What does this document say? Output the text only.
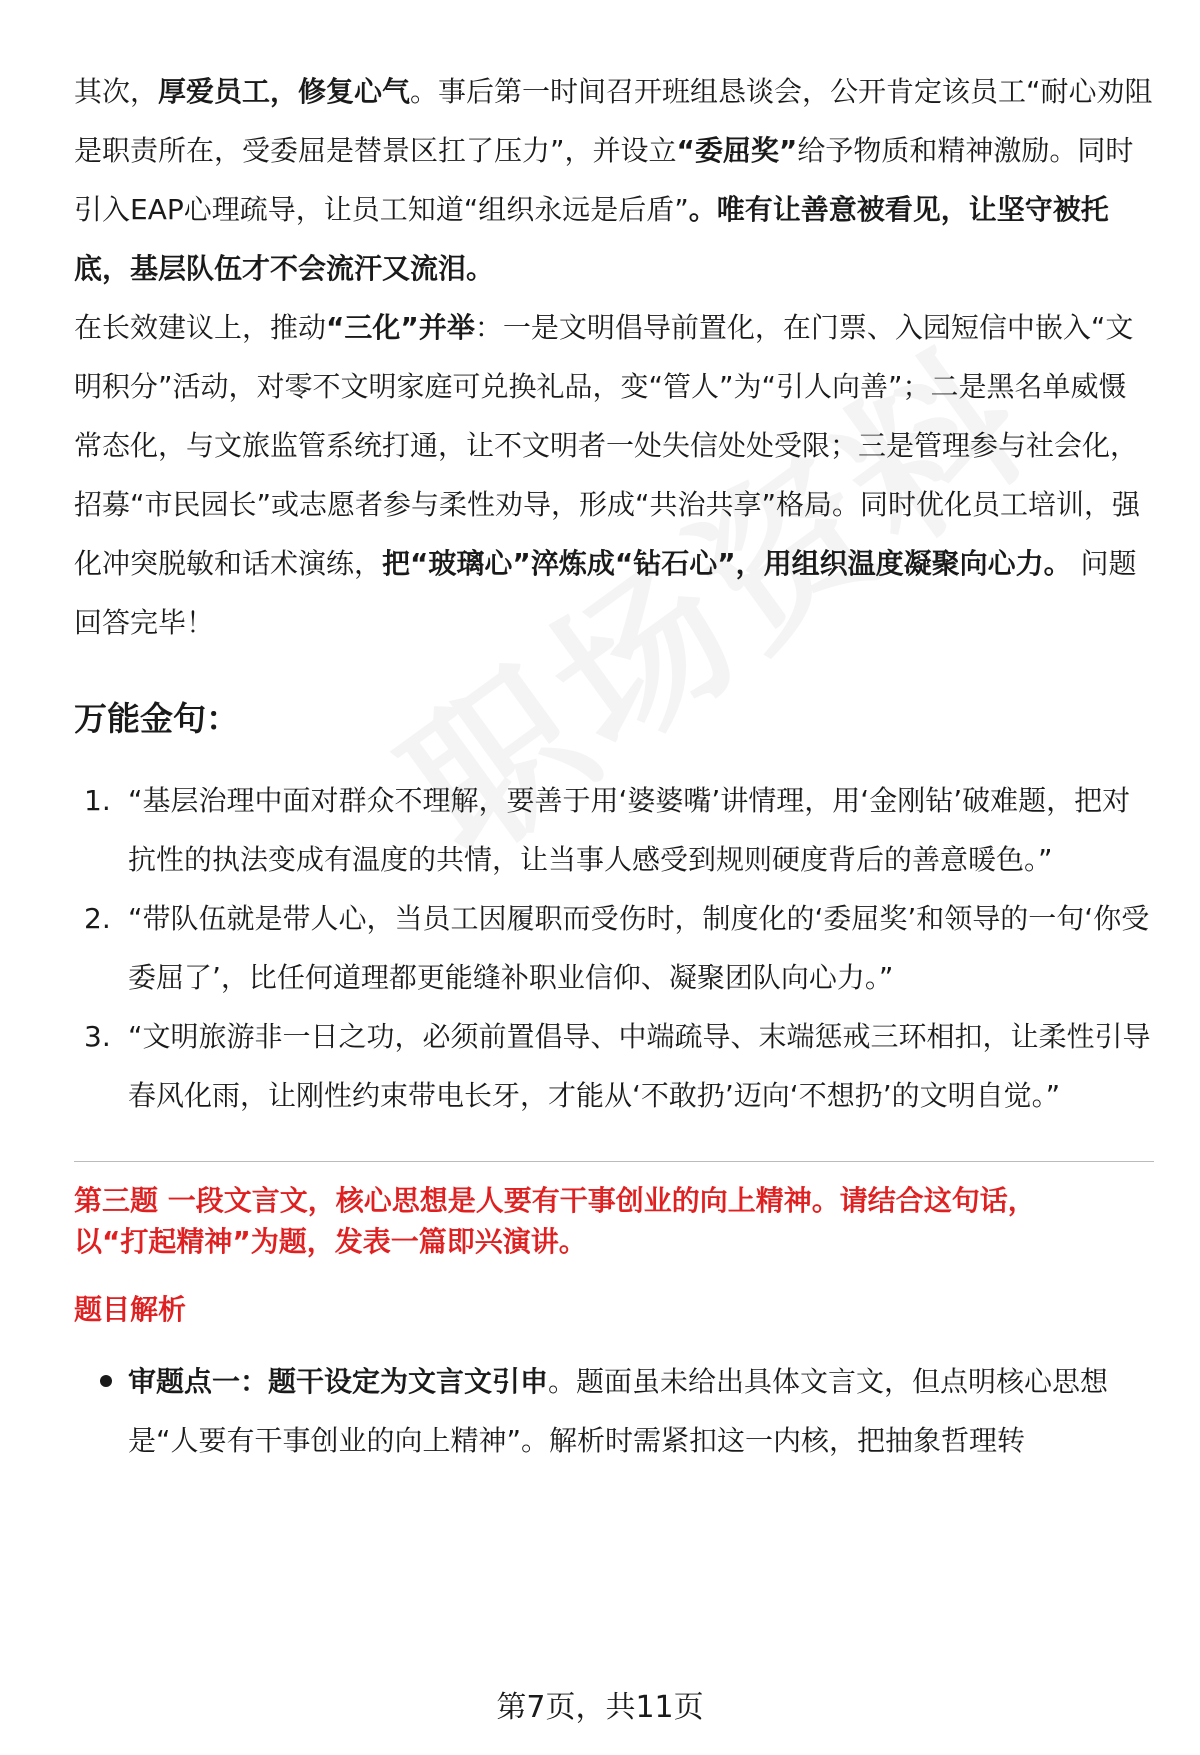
其次，厚爱员工，修复心气。事后第一时间召开班组恳谈会，公开肯定该员工“耐心劝阻是职责所在，受委屈是替景区扛了压力”，并设立“委屈奖”给予物质和精神激励。同时引入EAP心理疏导，让员工知道“组织永远是后盾”。唯有让善意被看见，让坚守被托底，基层队伍才不会流汗又流泪。

在长效建议上，推动“三化”并举：一是文明倡导前置化，在门票、入园短信中嵌入“文明积分”活动，对零不文明家庭可兑换礼品，变“管人”为“引人向善”；二是黑名单威慑常态化，与文旅监管系统打通，让不文明者一处失信处处受限；三是管理参与社会化，招募“市民园长”或志愿者参与柔性劝导，形成“共治共享”格局。同时优化员工培训，强化冲突脱敏和话术演练，把“玻璃心”淬炼成“钻石心”，用组织温度凝聚向心力。 问题回答完毕！

万能金句：
1. “基层治理中面对群众不理解，要善于用‘婆婆嘴’讲情理，用‘金刚钻’破难题，把对抗性的执法变成有温度的共情，让当事人感受到规则硬度背后的善意暖色。”
2. “带队伍就是带人心，当员工因履职而受伤时，制度化的‘委屈奖’和领导的一句‘你受委屈了’，比任何道理都更能缝补职业信仰、凝聚团队向心力。”
3. “文明旅游非一日之功，必须前置倡导、中端疏导、末端惩戒三环相扣，让柔性引导春风化雨，让刚性约束带电长牙，才能从‘不敢扔’迈向‘不想扔’的文明自觉。”
第三题 一段文言文，核心思想是人要有干事创业的向上精神。请结合这句话，
以“打起精神”为题，发表一篇即兴演讲。
题目解析
审题点一：题干设定为文言文引申。题面虽未给出具体文言文，但点明核心思想是“人要有干事创业的向上精神”。解析时需紧扣这一内核，把抽象哲理转
第7页，共11页
